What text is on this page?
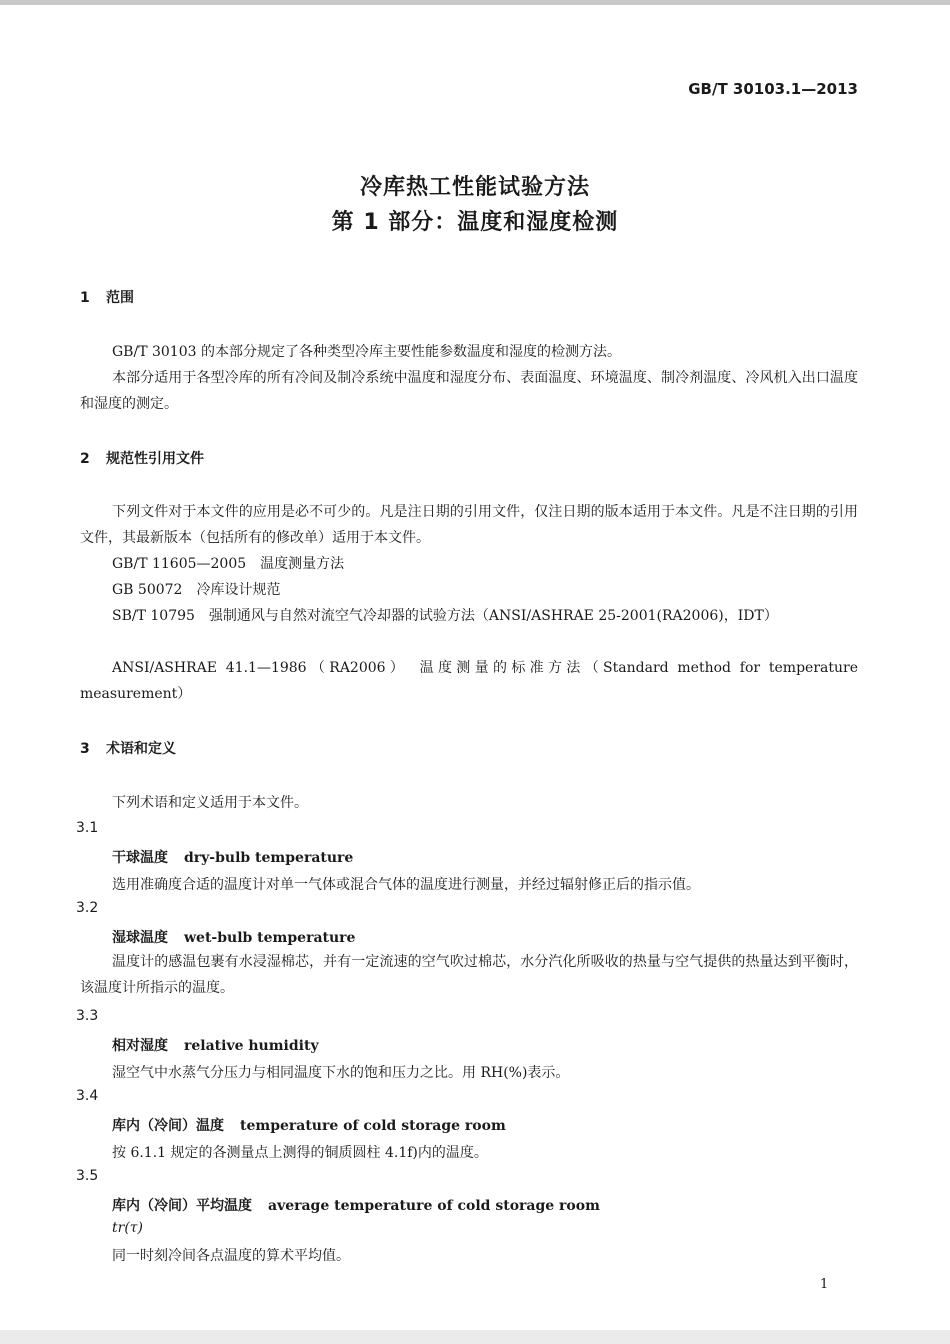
GB/T 30103.1—2013
冷库热工性能试验方法
第 1 部分：温度和湿度检测
1 范围
GB/T 30103 的本部分规定了各种类型冷库主要性能参数温度和湿度的检测方法。
本部分适用于各型冷库的所有冷间及制冷系统中温度和湿度分布、表面温度、环境温度、制冷剂温度、冷风机入出口温度和湿度的测定。
2 规范性引用文件
下列文件对于本文件的应用是必不可少的。凡是注日期的引用文件，仅注日期的版本适用于本文件。凡是不注日期的引用文件，其最新版本（包括所有的修改单）适用于本文件。
GB/T 11605—2005　温度测量方法
GB 50072　冷库设计规范
SB/T 10795　强制通风与自然对流空气冷却器的试验方法（ANSI/ASHRAE 25-2001(RA2006)，IDT）
ANSI/ASHRAE 41.1—1986（RA2006）　温度测量的标准方法（Standard method for temperature measurement）
3 术语和定义
下列术语和定义适用于本文件。
3.1
干球温度 dry-bulb temperature
选用准确度合适的温度计对单一气体或混合气体的温度进行测量，并经过辐射修正后的指示值。
3.2
湿球温度 wet-bulb temperature
温度计的感温包裹有水浸湿棉芯，并有一定流速的空气吹过棉芯，水分汽化所吸收的热量与空气提供的热量达到平衡时，该温度计所指示的温度。
3.3
相对湿度 relative humidity
湿空气中水蒸气分压力与相同温度下水的饱和压力之比。用 RH(%)表示。
3.4
库内（冷间）温度 temperature of cold storage room
按 6.1.1 规定的各测量点上测得的铜质圆柱 4.1f)内的温度。
3.5
库内（冷间）平均温度 average temperature of cold storage room
tr(τ)
同一时刻冷间各点温度的算术平均值。
1
